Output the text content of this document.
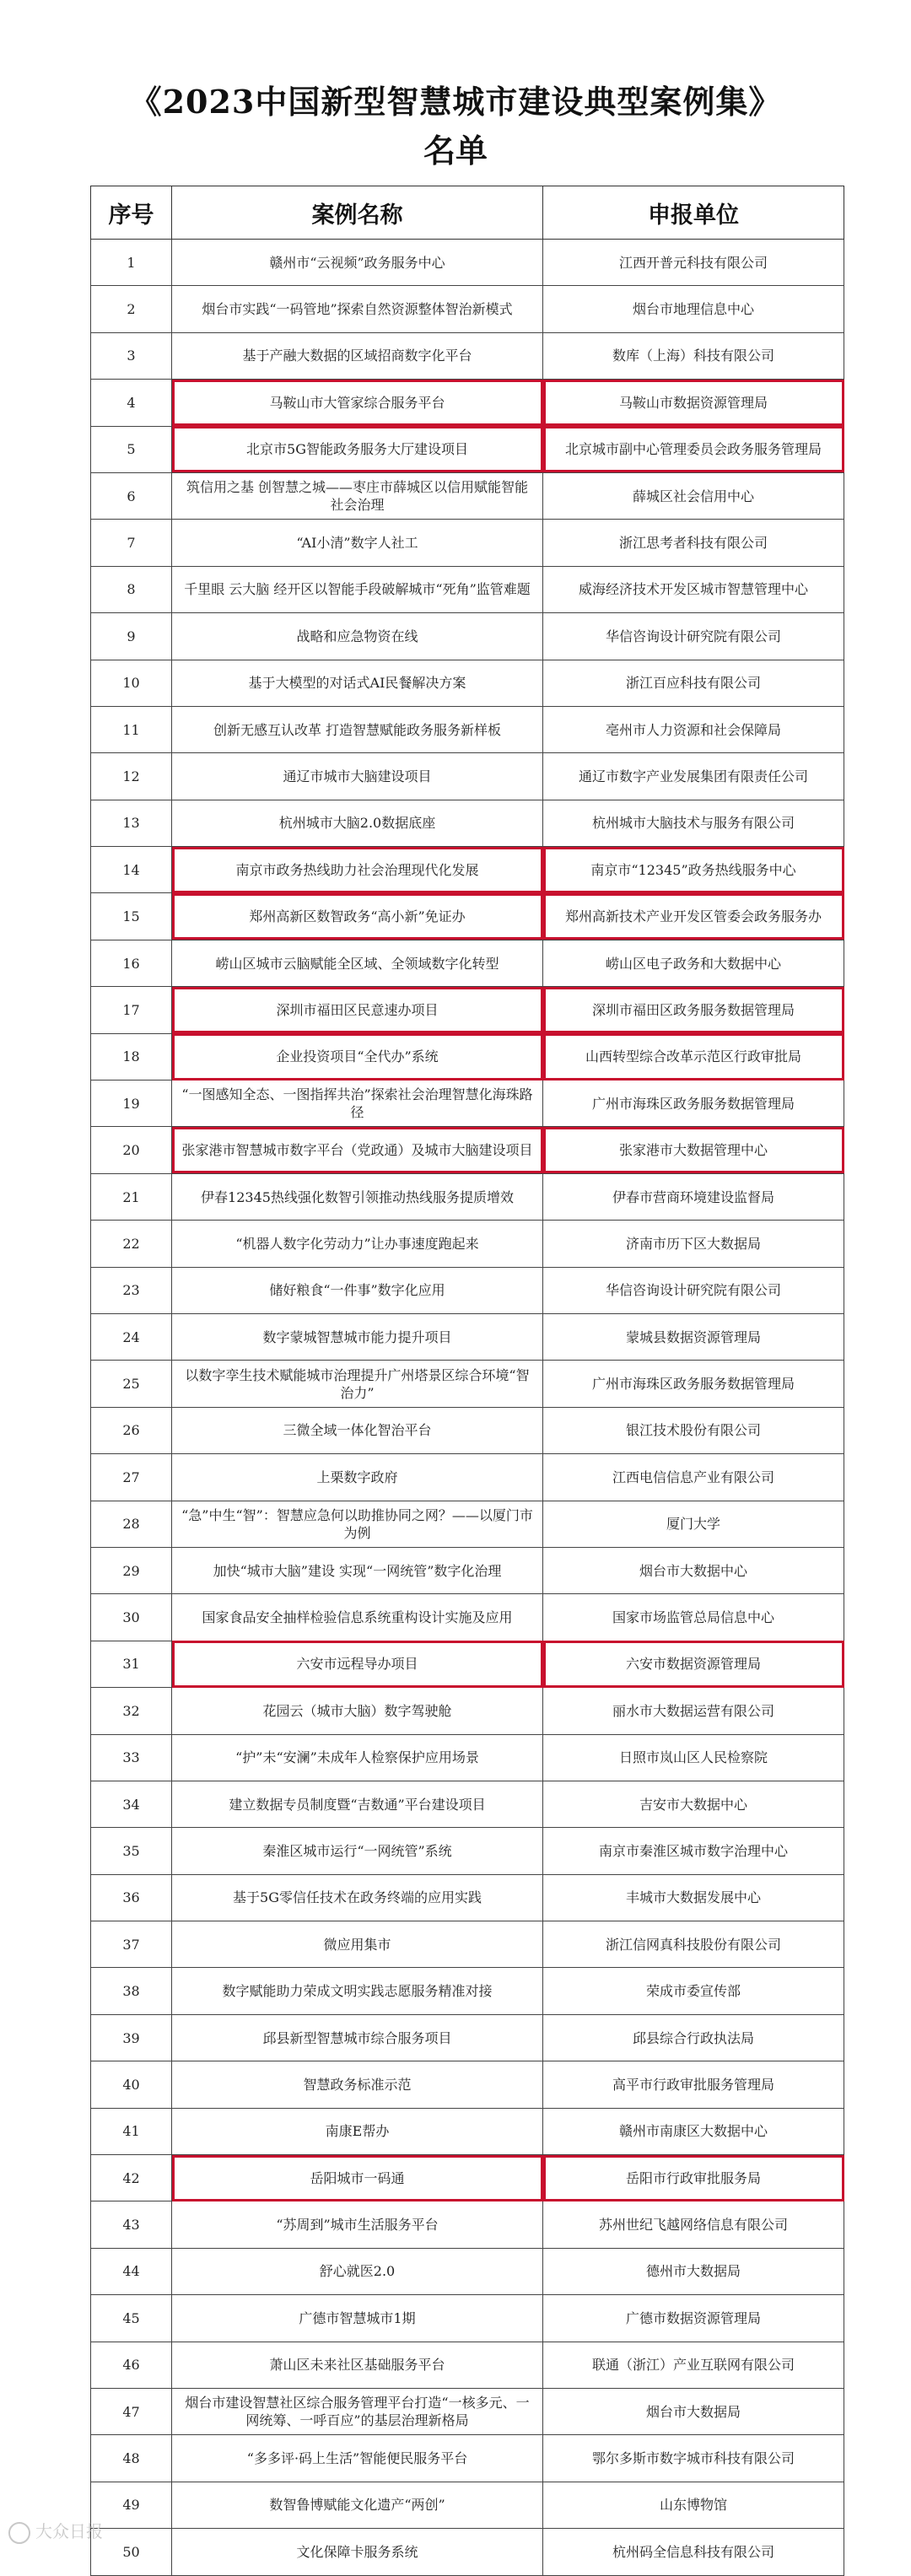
《2023中国新型智慧城市建设典型案例集》
名单
序号	案例名称	申报单位
1	赣州市“云视频”政务服务中心	江西开普元科技有限公司
2	烟台市实践“一码管地”探索自然资源整体智治新模式	烟台市地理信息中心
3	基于产融大数据的区域招商数字化平台	数库（上海）科技有限公司
4	马鞍山市大管家综合服务平台	马鞍山市数据资源管理局
5	北京市5G智能政务服务大厅建设项目	北京城市副中心管理委员会政务服务管理局
6	筑信用之基 创智慧之城——枣庄市薛城区以信用赋能智能社会治理	薛城区社会信用中心
7	“AI小清”数字人社工	浙江思考者科技有限公司
8	千里眼 云大脑 经开区以智能手段破解城市“死角”监管难题	威海经济技术开发区城市智慧管理中心
9	战略和应急物资在线	华信咨询设计研究院有限公司
10	基于大模型的对话式AI民餐解决方案	浙江百应科技有限公司
11	创新无感互认改革 打造智慧赋能政务服务新样板	亳州市人力资源和社会保障局
12	通辽市城市大脑建设项目	通辽市数字产业发展集团有限责任公司
13	杭州城市大脑2.0数据底座	杭州城市大脑技术与服务有限公司
14	南京市政务热线助力社会治理现代化发展	南京市“12345”政务热线服务中心
15	郑州高新区数智政务“高小新”免证办	郑州高新技术产业开发区管委会政务服务办
16	崂山区城市云脑赋能全区域、全领域数字化转型	崂山区电子政务和大数据中心
17	深圳市福田区民意速办项目	深圳市福田区政务服务数据管理局
18	企业投资项目“全代办”系统	山西转型综合改革示范区行政审批局
19	“一图感知全态、一图指挥共治”探索社会治理智慧化海珠路径	广州市海珠区政务服务数据管理局
20	张家港市智慧城市数字平台（党政通）及城市大脑建设项目	张家港市大数据管理中心
21	伊春12345热线强化数智引领推动热线服务提质增效	伊春市营商环境建设监督局
22	“机器人数字化劳动力”让办事速度跑起来	济南市历下区大数据局
23	储好粮食“一件事”数字化应用	华信咨询设计研究院有限公司
24	数字蒙城智慧城市能力提升项目	蒙城县数据资源管理局
25	以数字孪生技术赋能城市治理提升广州塔景区综合环境“智治力”	广州市海珠区政务服务数据管理局
26	三微全域一体化智治平台	银江技术股份有限公司
27	上栗数字政府	江西电信信息产业有限公司
28	“急”中生“智”：智慧应急何以助推协同之网？——以厦门市为例	厦门大学
29	加快“城市大脑”建设 实现“一网统管”数字化治理	烟台市大数据中心
30	国家食品安全抽样检验信息系统重构设计实施及应用	国家市场监管总局信息中心
31	六安市远程导办项目	六安市数据资源管理局
32	花园云（城市大脑）数字驾驶舱	丽水市大数据运营有限公司
33	“护”未“安澜”未成年人检察保护应用场景	日照市岚山区人民检察院
34	建立数据专员制度暨“吉数通”平台建设项目	吉安市大数据中心
35	秦淮区城市运行“一网统管”系统	南京市秦淮区城市数字治理中心
36	基于5G零信任技术在政务终端的应用实践	丰城市大数据发展中心
37	微应用集市	浙江信网真科技股份有限公司
38	数字赋能助力荣成文明实践志愿服务精准对接	荣成市委宣传部
39	邱县新型智慧城市综合服务项目	邱县综合行政执法局
40	智慧政务标准示范	高平市行政审批服务管理局
41	南康E帮办	赣州市南康区大数据中心
42	岳阳城市一码通	岳阳市行政审批服务局
43	“苏周到”城市生活服务平台	苏州世纪飞越网络信息有限公司
44	舒心就医2.0	德州市大数据局
45	广德市智慧城市1期	广德市数据资源管理局
46	萧山区未来社区基础服务平台	联通（浙江）产业互联网有限公司
47	烟台市建设智慧社区综合服务管理平台打造“一核多元、一网统筹、一呼百应”的基层治理新格局	烟台市大数据局
48	“多多评·码上生活”智能便民服务平台	鄂尔多斯市数字城市科技有限公司
49	数智鲁博赋能文化遗产“两创”	山东博物馆
50	文化保障卡服务系统	杭州码全信息科技有限公司
大众日报
